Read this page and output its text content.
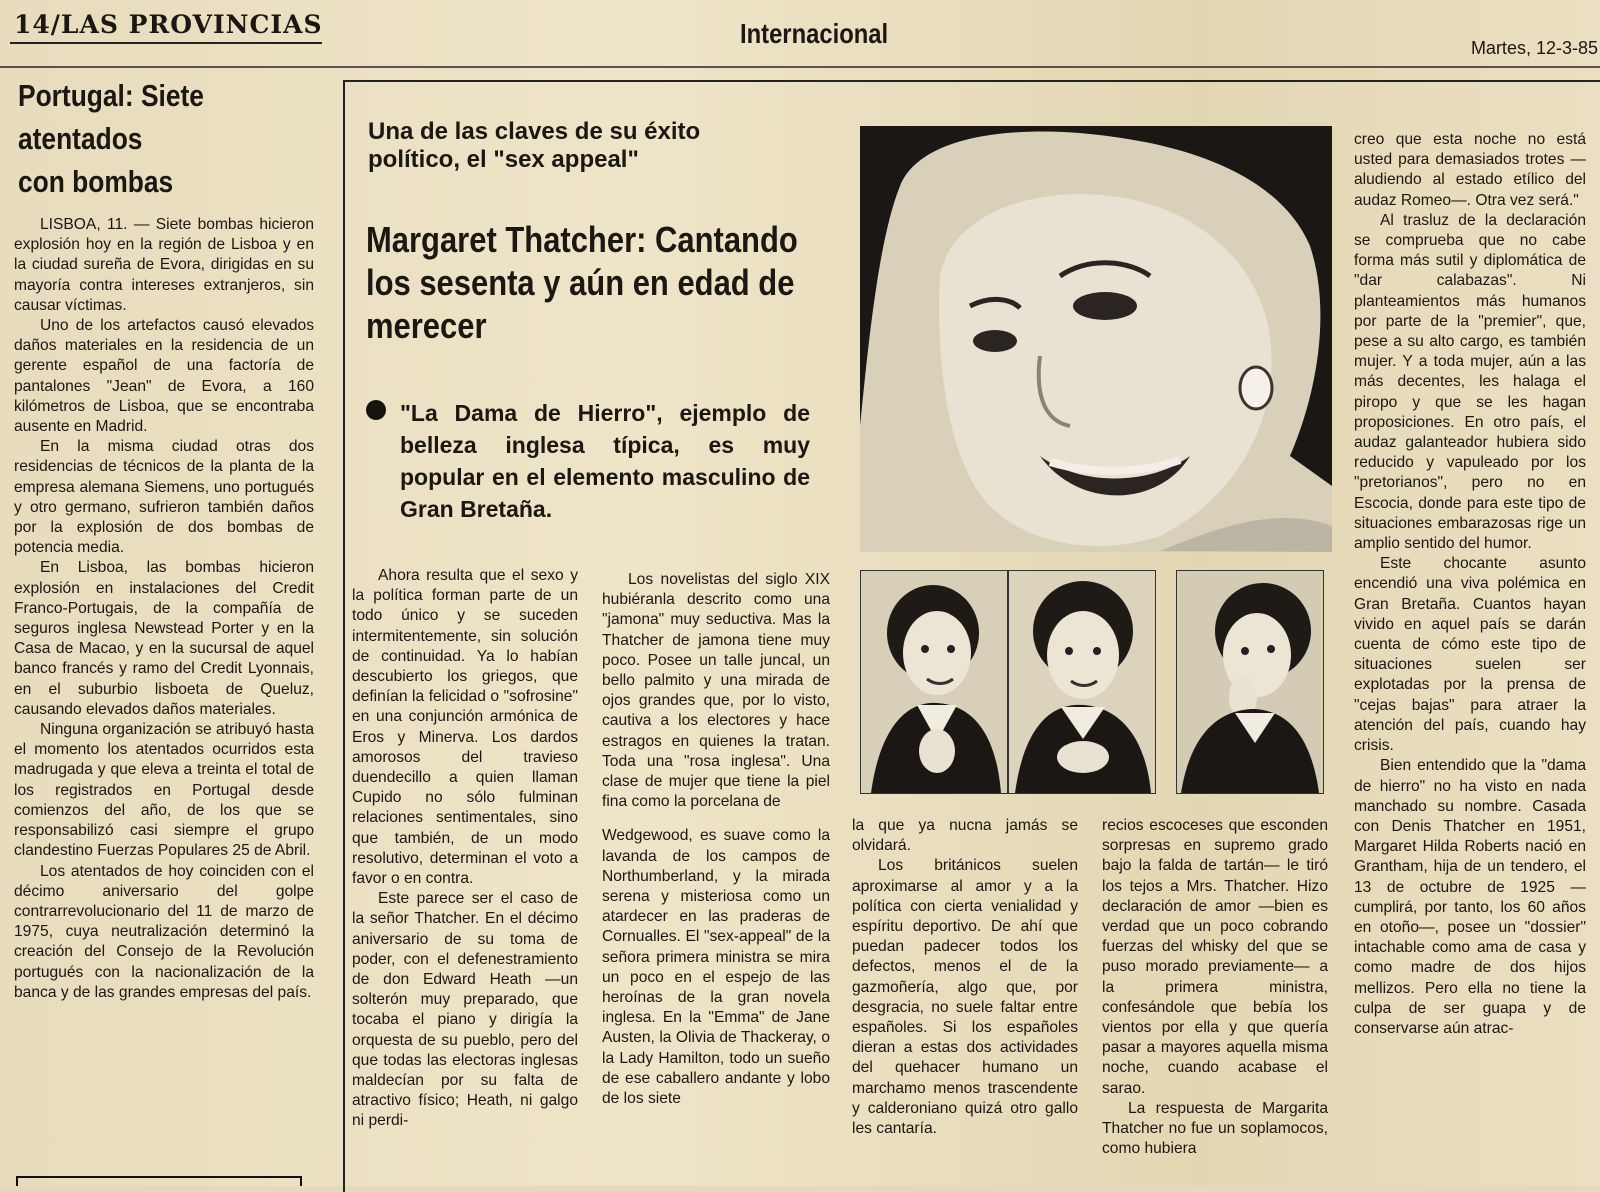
14/LAS PROVINCIAS	Internacional	Martes, 12-3-85
Portugal: Siete
atentados
con bombas

LISBOA, 11. — Siete bombas hicieron explosión hoy en la región de Lisboa y en la ciudad sureña de Evora, dirigidas en su mayoría contra intereses extranjeros, sin causar víctimas.

Uno de los artefactos causó elevados daños materiales en la residencia de un gerente español de una factoría de pantalones "Jean" de Evora, a 160 kilómetros de Lisboa, que se encontraba ausente en Madrid.

En la misma ciudad otras dos residencias de técnicos de la planta de la empresa alemana Siemens, uno portugués y otro germano, sufrieron también daños por la explosión de dos bombas de potencia media.

En Lisboa, las bombas hicieron explosión en instalaciones del Credit Franco-Portugais, de la compañía de seguros inglesa Newstead Porter y en la Casa de Macao, y en la sucursal de aquel banco francés y ramo del Credit Lyonnais, en el suburbio lisboeta de Queluz, causando elevados daños materiales.

Ninguna organización se atribuyó hasta el momento los atentados ocurridos esta madrugada y que eleva a treinta el total de los registrados en Portugal desde comienzos del año, de los que se responsabilizó casi siempre el grupo clandestino Fuerzas Populares 25 de Abril.

Los atentados de hoy coinciden con el décimo aniversario del golpe contrarrevolucionario del 11 de marzo de 1975, cuya neutralización determinó la creación del Consejo de la Revolución portugués con la nacionalización de la banca y de las grandes empresas del país.

Una de las claves de su éxito político, el "sex appeal"
Margaret Thatcher: Cantando los sesenta y aún en edad de merecer
"La Dama de Hierro", ejemplo de belleza inglesa típica, es muy popular en el elemento masculino de Gran Bretaña.

Ahora resulta que el sexo y la política forman parte de un todo único y se suceden intermitentemente, sin solución de continuidad. Ya lo habían descubierto los griegos, que definían la felicidad o "sofrosine" en una conjunción armónica de Eros y Minerva. Los dardos amorosos del travieso duendecillo a quien llaman Cupido no sólo fulminan relaciones sentimentales, sino que también, de un modo resolutivo, determinan el voto a favor o en contra.

Este parece ser el caso de la señor Thatcher. En el décimo aniversario de su toma de poder, con el defenestramiento de don Edward Heath —un solterón muy preparado, que tocaba el piano y dirigía la orquesta de su pueblo, pero del que todas las electoras inglesas maldecían por su falta de atractivo físico; Heath, ni galgo ni perdi-

Los novelistas del siglo XIX hubiéranla descrito como una "jamona" muy seductiva. Mas la Thatcher de jamona tiene muy poco. Posee un talle juncal, un bello palmito y una mirada de ojos grandes que, por lo visto, cautiva a los electores y hace estragos en quienes la tratan. Toda una "rosa inglesa". Una clase de mujer que tiene la piel fina como la porcelana de

Wedgewood, es suave como la lavanda de los campos de Northumberland, y la mirada serena y misteriosa como un atardecer en las praderas de Cornualles. El "sex-appeal" de la señora primera ministra se mira un poco en el espejo de las heroínas de la gran novela inglesa. En la "Emma" de Jane Austen, la Olivia de Thackeray, o la Lady Hamilton, todo un sueño de ese caballero andante y lobo de los siete

la que ya nucna jamás se olvidará.

Los británicos suelen aproximarse al amor y a la política con cierta venialidad y espíritu deportivo. De ahí que puedan padecer todos los defectos, menos el de la gazmoñería, algo que, por desgracia, no suele faltar entre españoles. Si los españoles dieran a estas dos actividades del quehacer humano un marchamo menos trascendente y calderoniano quizá otro gallo les cantaría.

recios escoceses que esconden sorpresas en supremo grado bajo la falda de tartán— le tiró los tejos a Mrs. Thatcher. Hizo declaración de amor —bien es verdad que un poco cobrando fuerzas del whisky del que se puso morado previamente— a la primera ministra, confesándole que bebía los vientos por ella y que quería pasar a mayores aquella misma noche, cuando acabase el sarao.

La respuesta de Margarita Thatcher no fue un soplamocos, como hubiera

creo que esta noche no está usted para demasiados trotes —aludiendo al estado etílico del audaz Romeo—. Otra vez será."

Al trasluz de la declaración se comprueba que no cabe forma más sutil y diplomática de "dar calabazas". Ni planteamientos más humanos por parte de la "premier", que, pese a su alto cargo, es también mujer. Y a toda mujer, aún a las más decentes, les halaga el piropo y que se les hagan proposiciones. En otro país, el audaz galanteador hubiera sido reducido y vapuleado por los "pretorianos", pero no en Escocia, donde para este tipo de situaciones embarazosas rige un amplio sentido del humor.

Este chocante asunto encendió una viva polémica en Gran Bretaña. Cuantos hayan vivido en aquel país se darán cuenta de cómo este tipo de situaciones suelen ser explotadas por la prensa de "cejas bajas" para atraer la atención del país, cuando hay crisis.

Bien entendido que la "dama de hierro" no ha visto en nada manchado su nombre. Casada con Denis Thatcher en 1951, Margaret Hilda Roberts nació en Grantham, hija de un tendero, el 13 de octubre de 1925 —cumplirá, por tanto, los 60 años en otoño—, posee un "dossier" intachable como ama de casa y como madre de dos hijos mellizos. Pero ella no tiene la culpa de ser guapa y de conservarse aún atrac-
